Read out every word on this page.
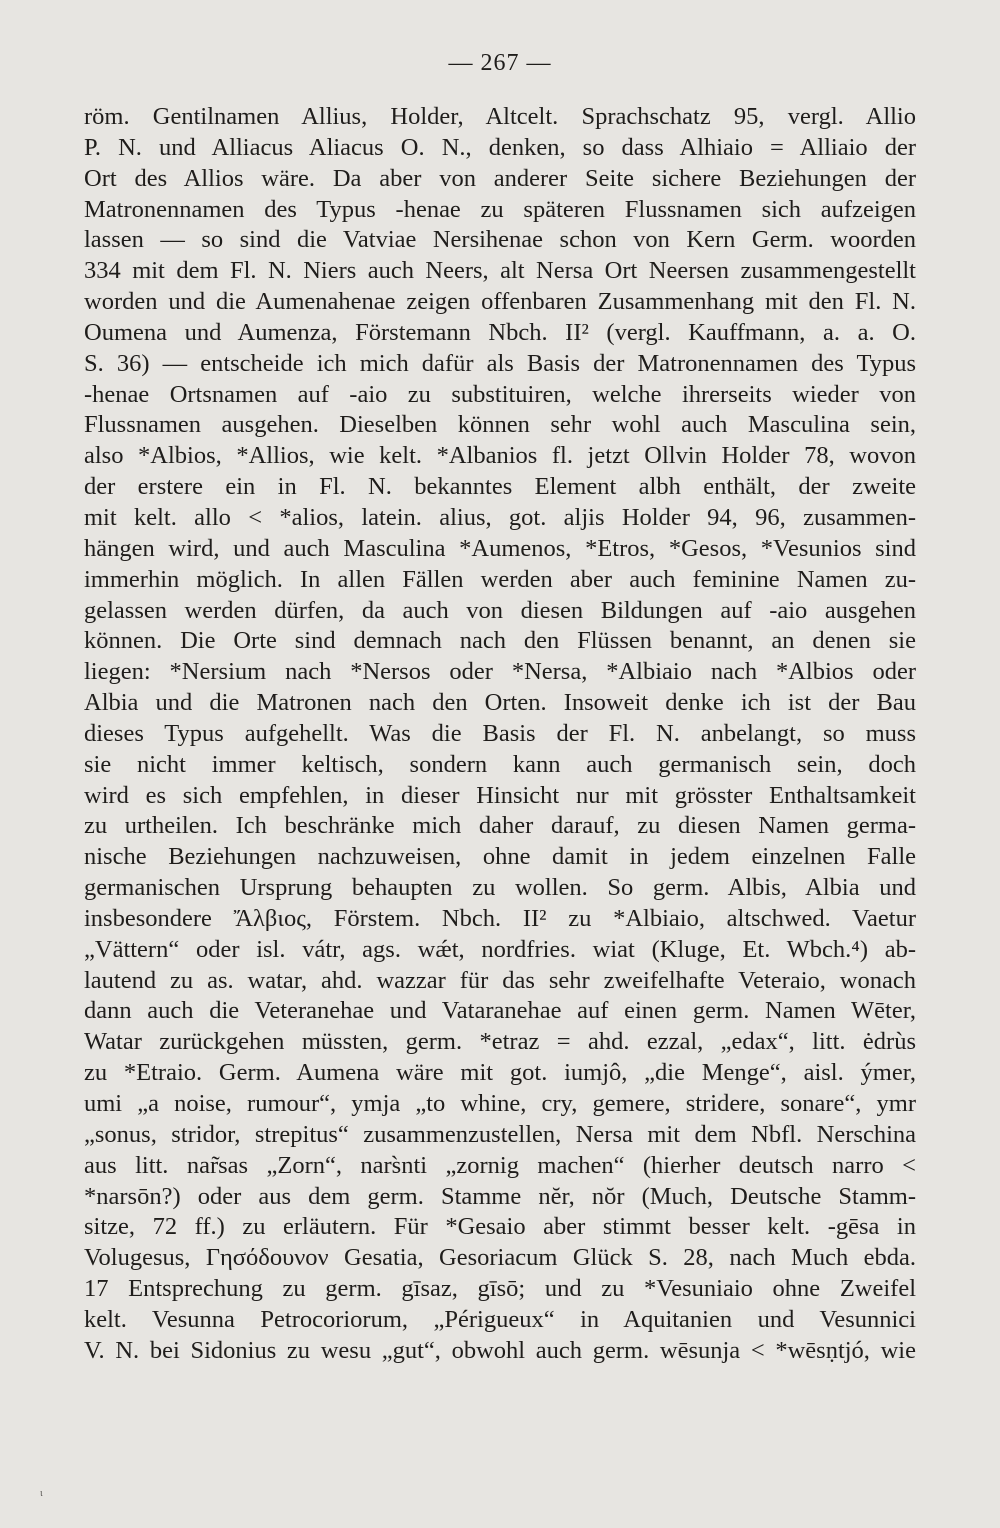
— 267 —
röm. Gentilnamen Allius, Holder, Altcelt. Sprachschatz 95, vergl. Allio
P. N. und Alliacus Aliacus O. N., denken, so dass Alhiaio = Alliaio der
Ort des Allios wäre. Da aber von anderer Seite sichere Beziehungen der
Matronennamen des Typus -henae zu späteren Flussnamen sich aufzeigen
lassen — so sind die Vatviae Nersihenae schon von Kern Germ. woorden
334 mit dem Fl. N. Niers auch Neers, alt Nersa Ort Neersen zusammengestellt
worden und die Aumenahenae zeigen offenbaren Zusammenhang mit den Fl. N.
Oumena und Aumenza, Förstemann Nbch. II² (vergl. Kauffmann, a. a. O.
S. 36) — entscheide ich mich dafür als Basis der Matronennamen des Typus
-henae Ortsnamen auf -aio zu substituiren, welche ihrerseits wieder von
Flussnamen ausgehen. Dieselben können sehr wohl auch Masculina sein,
also *Albios, *Allios, wie kelt. *Albanios fl. jetzt Ollvin Holder 78, wovon
der erstere ein in Fl. N. bekanntes Element albh enthält, der zweite
mit kelt. allo < *alios, latein. alius, got. aljis Holder 94, 96, zusammen-
hängen wird, und auch Masculina *Aumenos, *Etros, *Gesos, *Vesunios sind
immerhin möglich. In allen Fällen werden aber auch feminine Namen zu-
gelassen werden dürfen, da auch von diesen Bildungen auf -aio ausgehen
können. Die Orte sind demnach nach den Flüssen benannt, an denen sie
liegen: *Nersium nach *Nersos oder *Nersa, *Albiaio nach *Albios oder
Albia und die Matronen nach den Orten. Insoweit denke ich ist der Bau
dieses Typus aufgehellt. Was die Basis der Fl. N. anbelangt, so muss
sie nicht immer keltisch, sondern kann auch germanisch sein, doch
wird es sich empfehlen, in dieser Hinsicht nur mit grösster Enthaltsamkeit
zu urtheilen. Ich beschränke mich daher darauf, zu diesen Namen germa-
nische Beziehungen nachzuweisen, ohne damit in jedem einzelnen Falle
germanischen Ursprung behaupten zu wollen. So germ. Albis, Albia und
insbesondere Ἄλβιος, Förstem. Nbch. II² zu *Albiaio, altschwed. Vaetur
„Vättern“ oder isl. vátr, ags. wǽt, nordfries. wiat (Kluge, Et. Wbch.⁴) ab-
lautend zu as. watar, ahd. wazzar für das sehr zweifelhafte Veteraio, wonach
dann auch die Veteranehae und Vataranehae auf einen germ. Namen Wēter,
Watar zurückgehen müssten, germ. *etraz = ahd. ezzal, „edax“, litt. ėdrùs
zu *Etraio. Germ. Aumena wäre mit got. iumjô, „die Menge“, aisl. ýmer,
umi „a noise, rumour“, ymja „to whine, cry, gemere, stridere, sonare“, ymr
„sonus, stridor, strepitus“ zusammenzustellen, Nersa mit dem Nbfl. Nerschina
aus litt. nar̃sas „Zorn“, nars̀nti „zornig machen“ (hierher deutsch narro <
*narsōn?) oder aus dem germ. Stamme nĕr, nŏr (Much, Deutsche Stamm-
sitze, 72 ff.) zu erläutern. Für *Gesaio aber stimmt besser kelt. -gēsa in
Volugesus, Γησόδουνον Gesatia, Gesoriacum Glück S. 28, nach Much ebda.
17 Entsprechung zu germ. gīsaz, gīsō; und zu *Vesuniaio ohne Zweifel
kelt. Vesunna Petrocoriorum, „Périgueux“ in Aquitanien und Vesunnici
V. N. bei Sidonius zu wesu „gut“, obwohl auch germ. wēsunja < *wēsṇtjó, wie
ι
